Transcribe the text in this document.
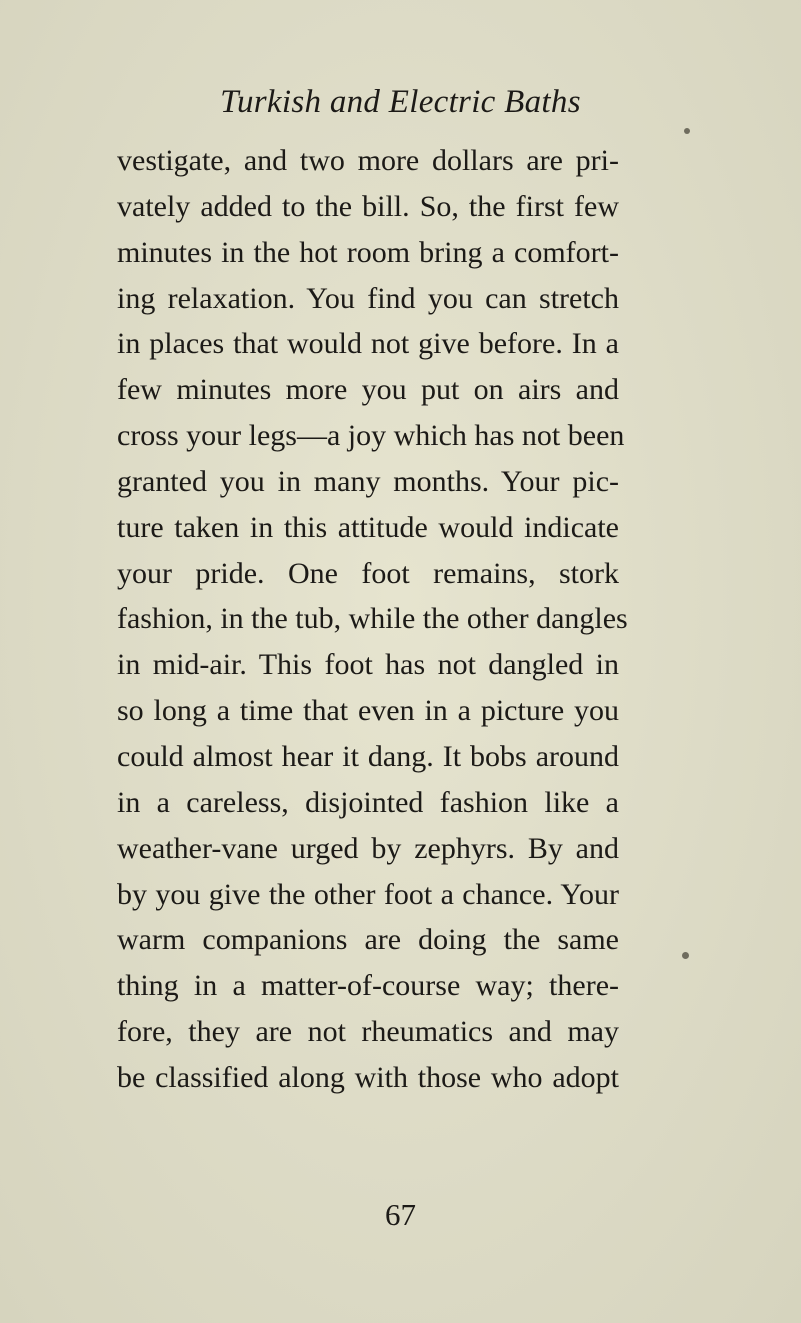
Turkish and Electric Baths
vestigate, and two more dollars are pri-
vately added to the bill. So, the first few
minutes in the hot room bring a comfort-
ing relaxation. You find you can stretch
in places that would not give before. In a
few minutes more you put on airs and
cross your legs—a joy which has not been
granted you in many months. Your pic-
ture taken in this attitude would indicate
your pride. One foot remains, stork
fashion, in the tub, while the other dangles
in mid-air. This foot has not dangled in
so long a time that even in a picture you
could almost hear it dang. It bobs around
in a careless, disjointed fashion like a
weather-vane urged by zephyrs. By and
by you give the other foot a chance. Your
warm companions are doing the same
thing in a matter-of-course way; there-
fore, they are not rheumatics and may
be classified along with those who adopt
67
